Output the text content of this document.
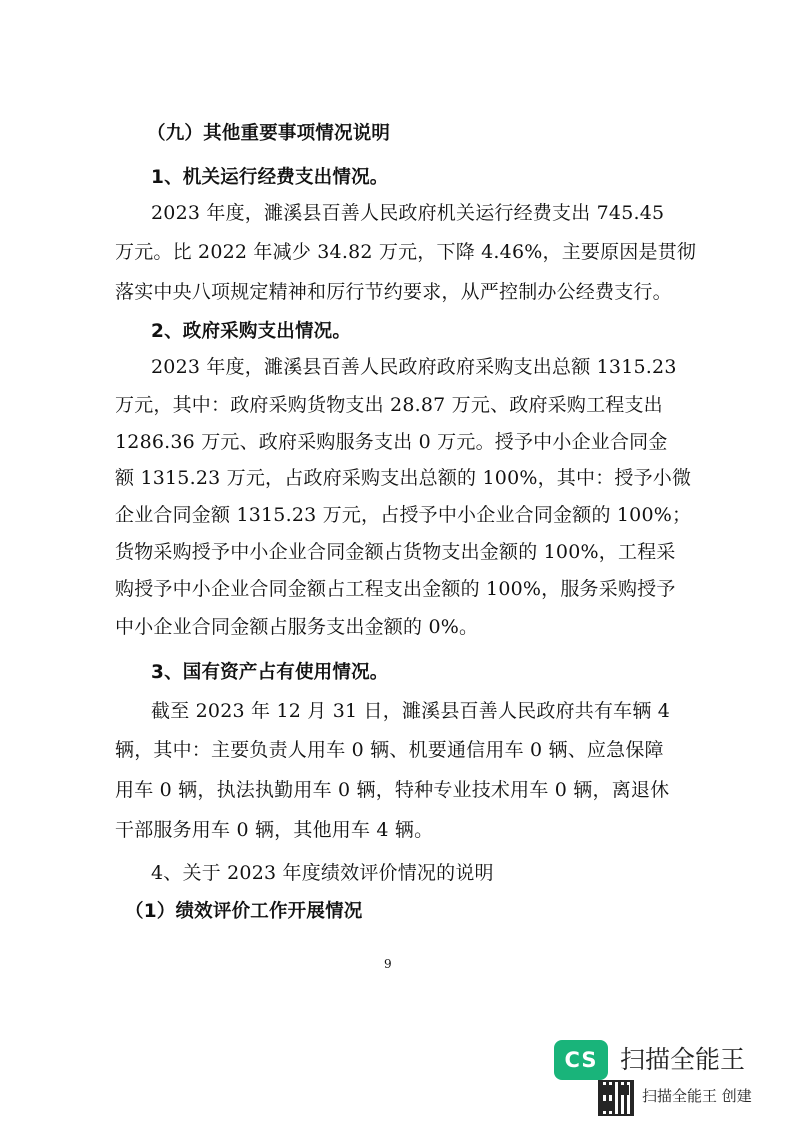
（九）其他重要事项情况说明
1、机关运行经费支出情况。
2023 年度，濉溪县百善人民政府机关运行经费支出 745.45
万元。比 2022 年减少 34.82 万元，下降 4.46%，主要原因是贯彻
落实中央八项规定精神和厉行节约要求，从严控制办公经费支行。
2、政府采购支出情况。
2023 年度，濉溪县百善人民政府政府采购支出总额 1315.23
万元，其中：政府采购货物支出 28.87 万元、政府采购工程支出
1286.36 万元、政府采购服务支出 0 万元。授予中小企业合同金
额 1315.23 万元，占政府采购支出总额的 100%，其中：授予小微
企业合同金额 1315.23 万元，占授予中小企业合同金额的 100%；
货物采购授予中小企业合同金额占货物支出金额的 100%，工程采
购授予中小企业合同金额占工程支出金额的 100%，服务采购授予
中小企业合同金额占服务支出金额的 0%。
3、国有资产占有使用情况。
截至 2023 年 12 月 31 日，濉溪县百善人民政府共有车辆 4
辆，其中：主要负责人用车 0 辆、机要通信用车 0 辆、应急保障
用车 0 辆，执法执勤用车 0 辆，特种专业技术用车 0 辆，离退休
干部服务用车 0 辆，其他用车 4 辆。
4、关于 2023 年度绩效评价情况的说明
（1）绩效评价工作开展情况
9
CS 扫描全能王
扫描全能王 创建
